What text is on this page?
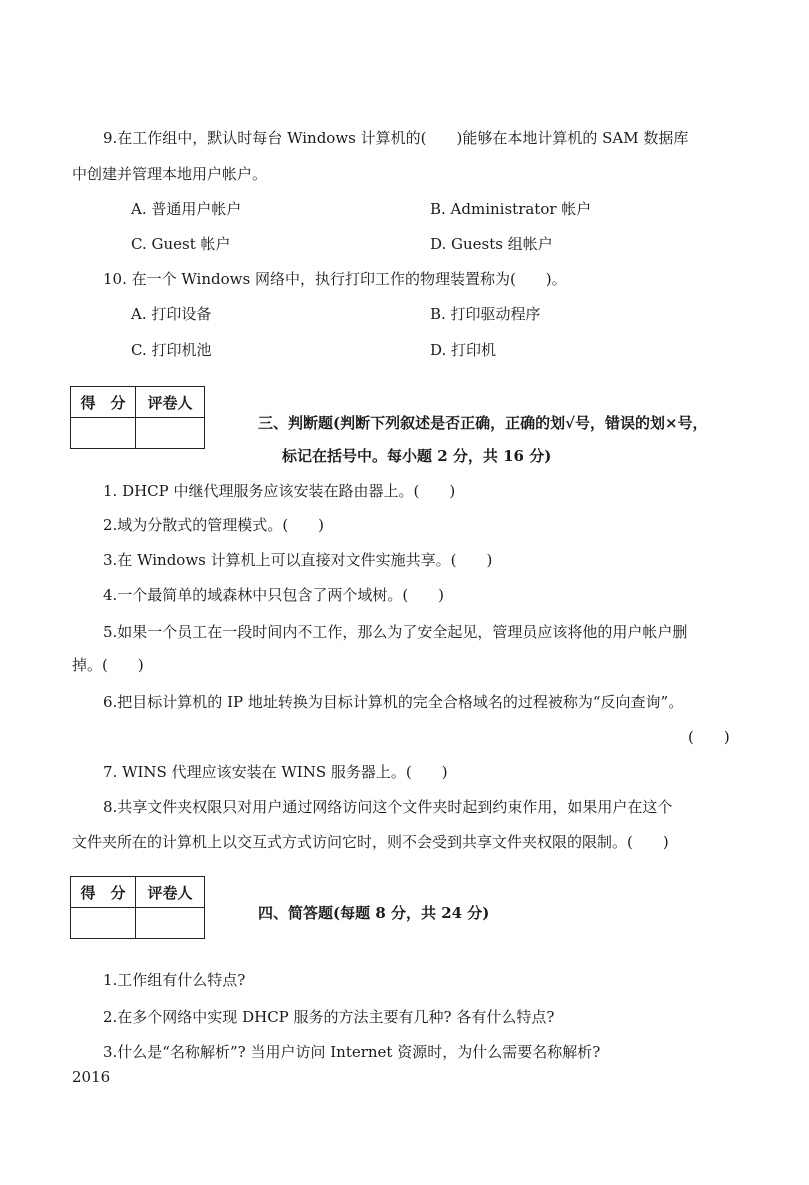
9.在工作组中，默认时每台 Windows 计算机的(　　)能够在本地计算机的 SAM 数据库
中创建并管理本地用户帐户。
A. 普通用户帐户	B. Administrator 帐户
C. Guest 帐户	D. Guests 组帐户
10. 在一个 Windows 网络中，执行打印工作的物理装置称为(　　)。
A. 打印设备	B. 打印驱动程序
C. 打印机池	D. 打印机
得　分	评卷人

三、判断题(判断下列叙述是否正确，正确的划√号，错误的划×号，
标记在括号中。每小题 2 分，共 16 分)
1. DHCP 中继代理服务应该安装在路由器上。(　　)
2.域为分散式的管理模式。(　　)
3.在 Windows 计算机上可以直接对文件实施共享。(　　)
4.一个最简单的域森林中只包含了两个域树。(　　)
5.如果一个员工在一段时间内不工作，那么为了安全起见，管理员应该将他的用户帐户删
掉。(　　)
6.把目标计算机的 IP 地址转换为目标计算机的完全合格域名的过程被称为“反向查询”。
(　　)
7. WINS 代理应该安装在 WINS 服务器上。(　　)
8.共享文件夹权限只对用户通过网络访问这个文件夹时起到约束作用，如果用户在这个
文件夹所在的计算机上以交互式方式访问它时，则不会受到共享文件夹权限的限制。(　　)
得　分	评卷人

四、简答题(每题 8 分，共 24 分)
1.工作组有什么特点?
2.在多个网络中实现 DHCP 服务的方法主要有几种? 各有什么特点?
3.什么是“名称解析”? 当用户访问 Internet 资源时，为什么需要名称解析?
2016
